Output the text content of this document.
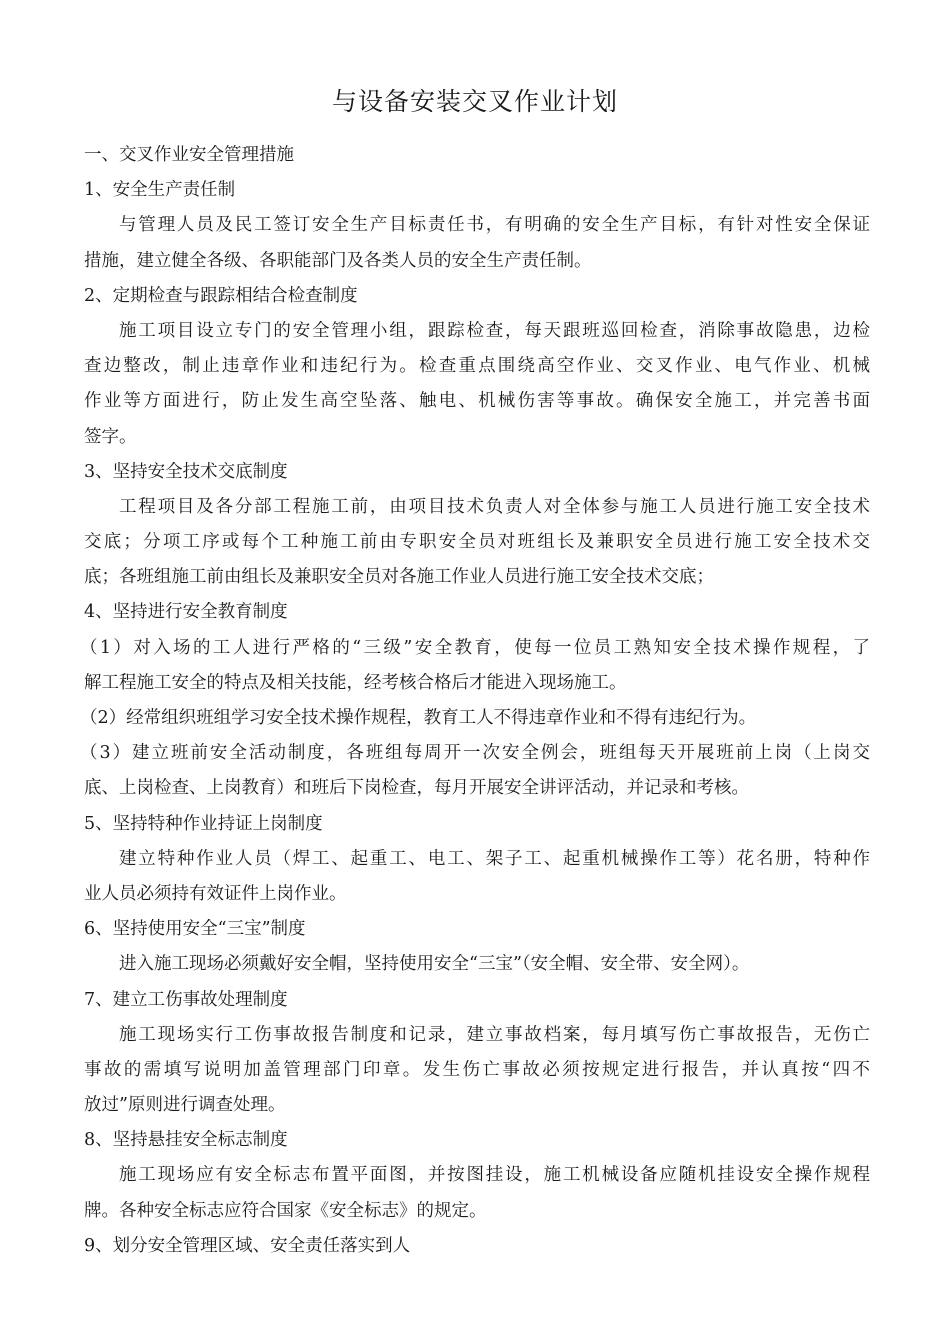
与设备安装交叉作业计划
一、交叉作业安全管理措施
1、安全生产责任制
与管理人员及民工签订安全生产目标责任书，有明确的安全生产目标，有针对性安全保证
措施，建立健全各级、各职能部门及各类人员的安全生产责任制。
2、定期检查与跟踪相结合检查制度
施工项目设立专门的安全管理小组，跟踪检查，每天跟班巡回检查，消除事故隐患，边检
查边整改，制止违章作业和违纪行为。检查重点围绕高空作业、交叉作业、电气作业、机械
作业等方面进行，防止发生高空坠落、触电、机械伤害等事故。确保安全施工，并完善书面
签字。
3、坚持安全技术交底制度
工程项目及各分部工程施工前，由项目技术负责人对全体参与施工人员进行施工安全技术
交底；分项工序或每个工种施工前由专职安全员对班组长及兼职安全员进行施工安全技术交
底；各班组施工前由组长及兼职安全员对各施工作业人员进行施工安全技术交底；
4、坚持进行安全教育制度
（1）对入场的工人进行严格的“三级”安全教育，使每一位员工熟知安全技术操作规程，了
解工程施工安全的特点及相关技能，经考核合格后才能进入现场施工。
（2）经常组织班组学习安全技术操作规程，教育工人不得违章作业和不得有违纪行为。
（3）建立班前安全活动制度，各班组每周开一次安全例会，班组每天开展班前上岗（上岗交
底、上岗检查、上岗教育）和班后下岗检查，每月开展安全讲评活动，并记录和考核。
5、坚持特种作业持证上岗制度
建立特种作业人员（焊工、起重工、电工、架子工、起重机械操作工等）花名册，特种作
业人员必须持有效证件上岗作业。
6、坚持使用安全“三宝”制度
进入施工现场必须戴好安全帽，坚持使用安全“三宝”（安全帽、安全带、安全网）。
7、建立工伤事故处理制度
施工现场实行工伤事故报告制度和记录，建立事故档案，每月填写伤亡事故报告，无伤亡
事故的需填写说明加盖管理部门印章。发生伤亡事故必须按规定进行报告，并认真按“四不
放过”原则进行调查处理。
8、坚持悬挂安全标志制度
施工现场应有安全标志布置平面图，并按图挂设，施工机械设备应随机挂设安全操作规程
牌。各种安全标志应符合国家《安全标志》的规定。
9、划分安全管理区域、安全责任落实到人
